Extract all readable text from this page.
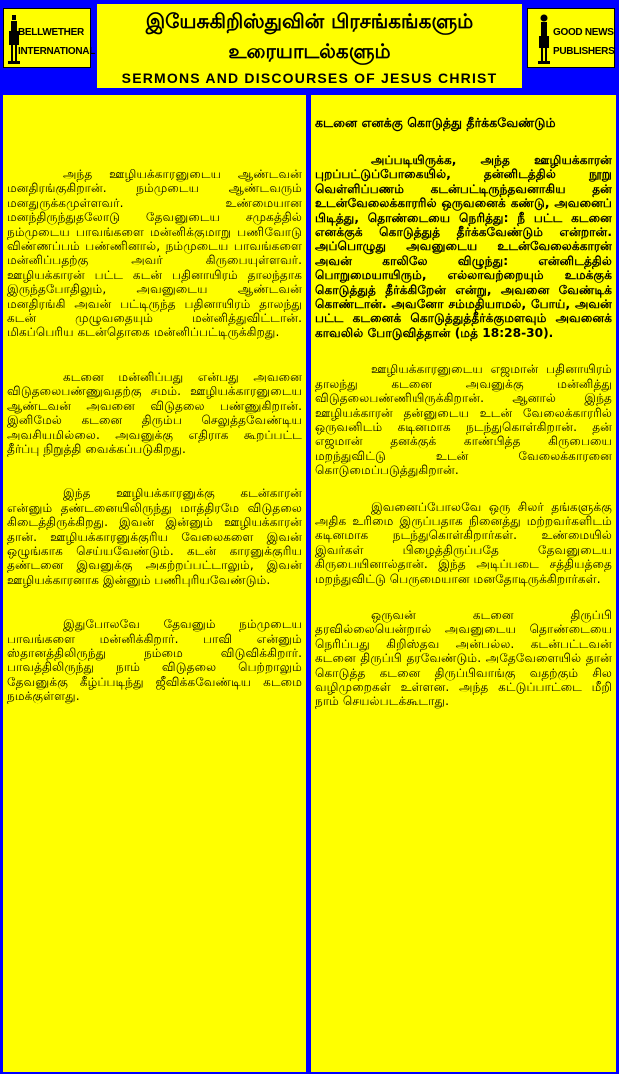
BELLWETHER
INTERNATIONAL
இயேசுகிறிஸ்துவின் பிரசங்கங்களும்
உரையாடல்களும்
SERMONS AND DISCOURSES OF JESUS CHRIST
GOOD NEWS
PUBLISHERS

அந்த ஊழியக்காரனுடைய ஆண்டவன் மனதிரங்குகிறான். நம்முடைய ஆண்டவரும் மனதுருக்கமுள்ளவர். உண்மையான மனந்திருந்துதலோடு தேவனுடைய சமுகத்தில் நம்முடைய பாவங்களை மன்னிக்குமாறு பணிவோடு விண்ணப்பம் பண்ணினால், நம்முடைய பாவங்களை மன்னிப்பதற்கு அவர் கிருபையுள்ளவர். ஊழியக்காரன் பட்ட கடன் பதினாயிரம் தாலந்தாக இருந்தபோதிலும், அவனுடைய ஆண்டவன் மனதிரங்கி அவன் பட்டிருந்த பதினாயிரம் தாலந்து கடன் முழுவதையும் மன்னித்துவிட்டான். மிகப்பெரிய கடன்தொகை மன்னிப்பட்டிருக்கிறது.

கடனை மன்னிப்பது என்பது அவனை விடுதலைபண்ணுவதற்கு சமம். ஊழியக்காரனுடைய ஆண்டவன் அவனை விடுதலை பண்ணுகிறான். இனிமேல் கடனை திரும்ப செலுத்தவேண்டிய அவசியமில்லை. அவனுக்கு எதிராக கூறப்பட்ட தீர்ப்பு நிறுத்தி வைக்கப்படுகிறது.

இந்த ஊழியக்காரனுக்கு கடன்காரன் என்னும் தண்டனையிலிருந்து மாத்திரமே விடுதலை கிடைத்திருக்கிறது. இவன் இன்னும் ஊழியக்காரன் தான். ஊழியக்காரனுக்குரிய வேலைகளை இவன் ஒழுங்காக செய்யவேண்டும். கடன் காரனுக்குரிய தண்டனை இவனுக்கு அகற்றப்பட்டாலும், இவன் ஊழியக்காரனாக இன்னும் பணிபுரியவேண்டும்.

இதுபோலவே தேவனும் நம்முடைய பாவங்களை மன்னிக்கிறார். பாவி என்னும் ஸ்தானத்திலிருந்து நம்மை விடுவிக்கிறார். பாவத்திலிருந்து நாம் விடுதலை பெற்றாலும் தேவனுக்கு கீழ்ப்படிந்து ஜீவிக்கவேண்டிய கடமை நமக்குள்ளது.

கடனை எனக்கு கொடுத்து தீர்க்கவேண்டும்

அப்படியிருக்க, அந்த ஊழியக்காரன் புறப்பட்டுப்போகையில், தன்னிடத்தில் நூறு வெள்ளிப்பணம் கடன்பட்டிருந்தவனாகிய தன் உடன்வேலைக்காரரில் ஒருவனைக் கண்டு, அவனைப் பிடித்து, தொண்டையை நெரித்து: நீ பட்ட கடனை எனக்குக் கொடுத்துத் தீர்க்கவேண்டும் என்றான். அப்பொழுது அவனுடைய உடன்வேலைக்காரன் அவன் காலிலே விழுந்து: என்னிடத்தில் பொறுமையாயிரும், எல்லாவற்றையும் உமக்குக் கொடுத்துத் தீர்க்கிறேன் என்று, அவனை வேண்டிக் கொண்டான். அவனோ சம்மதியாமல், போய், அவன் பட்ட கடனைக் கொடுத்துத்தீர்க்குமளவும் அவனைக் காவலில் போடுவித்தான் (மத் 18:28-30).

ஊழியக்காரனுடைய எஜமான் பதினாயிரம் தாலந்து கடனை அவனுக்கு மன்னித்து விடுதலைபண்ணியிருக்கிறான். ஆனால் இந்த ஊழியக்காரன் தன்னுடைய உடன் வேலைக்காரரில் ஒருவனிடம் கடினமாக நடந்துகொள்கிறான். தன் எஜமான் தனக்குக் காண்பித்த கிருபையை மறந்துவிட்டு உடன் வேலைக்காரனை கொடுமைப்படுத்துகிறான்.

இவனைப்போலவே ஒரு சிலர் தங்களுக்கு அதிக உரிமை இருப்பதாக நினைத்து மற்றவர்களிடம் கடினமாக நடந்துகொள்கிறார்கள். உண்மையில் இவர்கள் பிழைத்திருப்பதே தேவனுடைய கிருபையினால்தான். இந்த அடிப்படை சத்தியத்தை மறந்துவிட்டு பெருமையான மனதோடிருக்கிறார்கள்.

ஒருவன் கடனை திருப்பி தரவில்லையென்றால் அவனுடைய தொண்டையை நெரிப்பது கிறிஸ்தவ அன்பல்ல. கடன்பட்டவன் கடனை திருப்பி தரவேண்டும். அதேவேளையில் தான் கொடுத்த கடனை திருப்பிவாங்கு வதற்கும் சில வழிமுறைகள் உள்ளன. அந்த கட்டுப்பாட்டை மீறி நாம் செயல்படக்கூடாது.
